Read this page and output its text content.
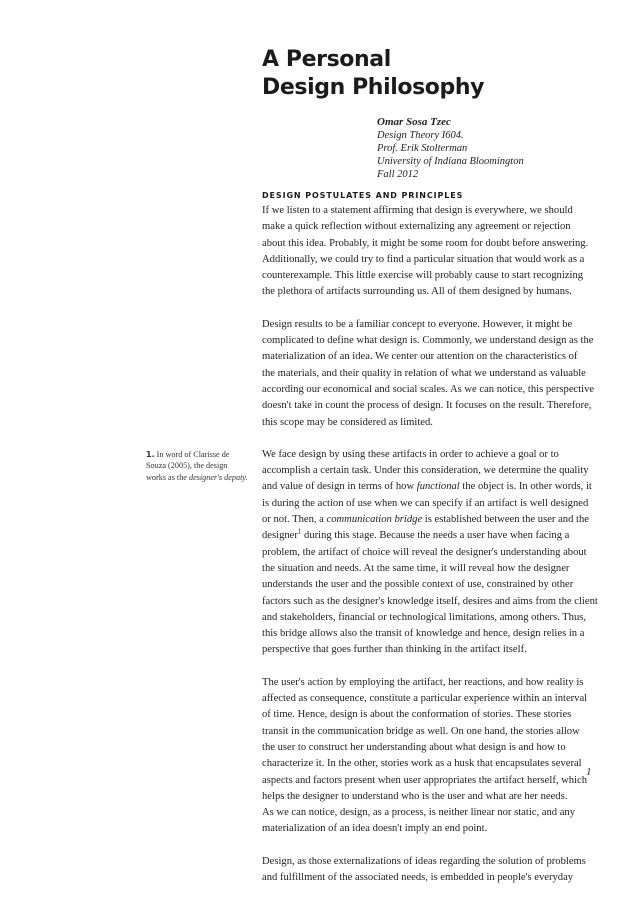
A Personal
Design Philosophy
Omar Sosa Tzec
Design Theory I604.
Prof. Erik Stolterman
University of Indiana Bloomington
Fall 2012
DESIGN POSTULATES AND PRINCIPLES

If we listen to a statement affirming that design is everywhere, we should
make a quick reflection without externalizing any agreement or rejection
about this idea. Probably, it might be some room for doubt before answering.
Additionally, we could try to find a particular situation that would work as a
counterexample. This little exercise will probably cause to start recognizing
the plethora of artifacts surrounding us. All of them designed by humans.

Design results to be a familiar concept to everyone. However, it might be
complicated to define what design is. Commonly, we understand design as the
materialization of an idea. We center our attention on the characteristics of
the materials, and their quality in relation of what we understand as valuable
according our economical and social scales. As we can notice, this perspective
doesn't take in count the process of design. It focuses on the result. Therefore,
this scope may be considered as limited.

We face design by using these artifacts in order to achieve a goal or to
accomplish a certain task. Under this consideration, we determine the quality
and value of design in terms of how functional the object is. In other words, it
is during the action of use when we can specify if an artifact is well designed
or not. Then, a communication bridge is established between the user and the
designer$^1$ during this stage. Because the needs a user have when facing a
problem, the artifact of choice will reveal the designer's understanding about
the situation and needs. At the same time, it will reveal how the designer
understands the user and the possible context of use, constrained by other
factors such as the designer's knowledge itself, desires and aims from the client
and stakeholders, financial or technological limitations, among others. Thus,
this bridge allows also the transit of knowledge and hence, design relies in a
perspective that goes further than thinking in the artifact itself.

The user's action by employing the artifact, her reactions, and how reality is
affected as consequence, constitute a particular experience within an interval
of time. Hence, design is about the conformation of stories. These stories
transit in the communication bridge as well. On one hand, the stories allow
the user to construct her understanding about what design is and how to
characterize it. In the other, stories work as a husk that encapsulates several
aspects and factors present when user appropriates the artifact herself, which
helps the designer to understand who is the user and what are her needs.
As we can notice, design, as a process, is neither linear nor static, and any
materialization of an idea doesn't imply an end point.

Design, as those externalizations of ideas regarding the solution of problems
and fulfillment of the associated needs, is embedded in people's everyday

1. In word of Clarisse de
Souza (2005), the design
works as the designer's deputy.
1
